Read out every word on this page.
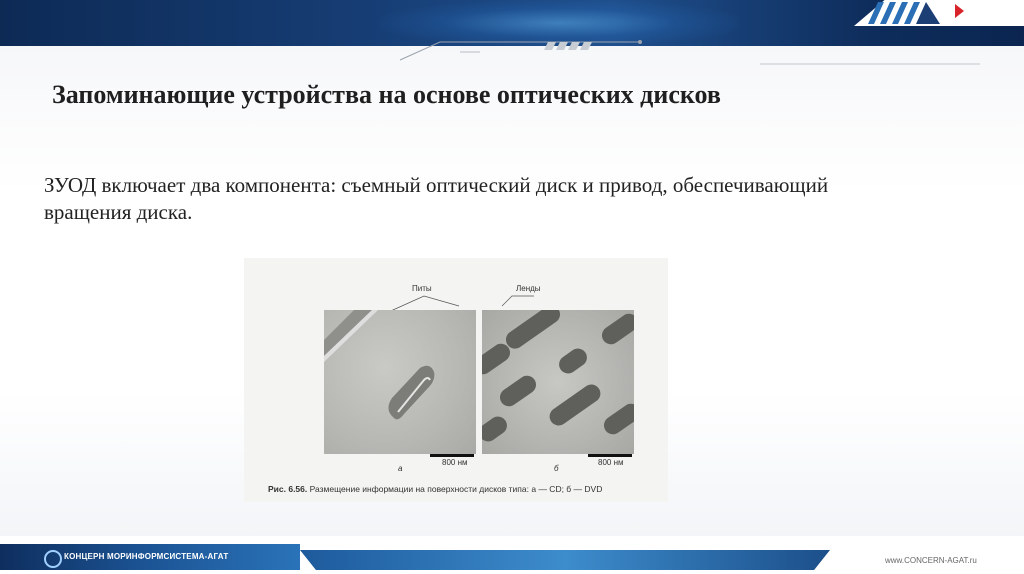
Запоминающие устройства на основе оптических дисков
ЗУОД включает два компонента: съемный оптический диск и привод, обеспечивающий вращения диска.
Питы	Ленды
800 нм	800 нм
а	б
Рис. 6.56. Размещение информации на поверхности дисков типа: а — CD; б — DVD
КОНЦЕРН МОРИНФОРМСИСТЕМА-АГАТ	www.CONCERN-AGAT.ru
